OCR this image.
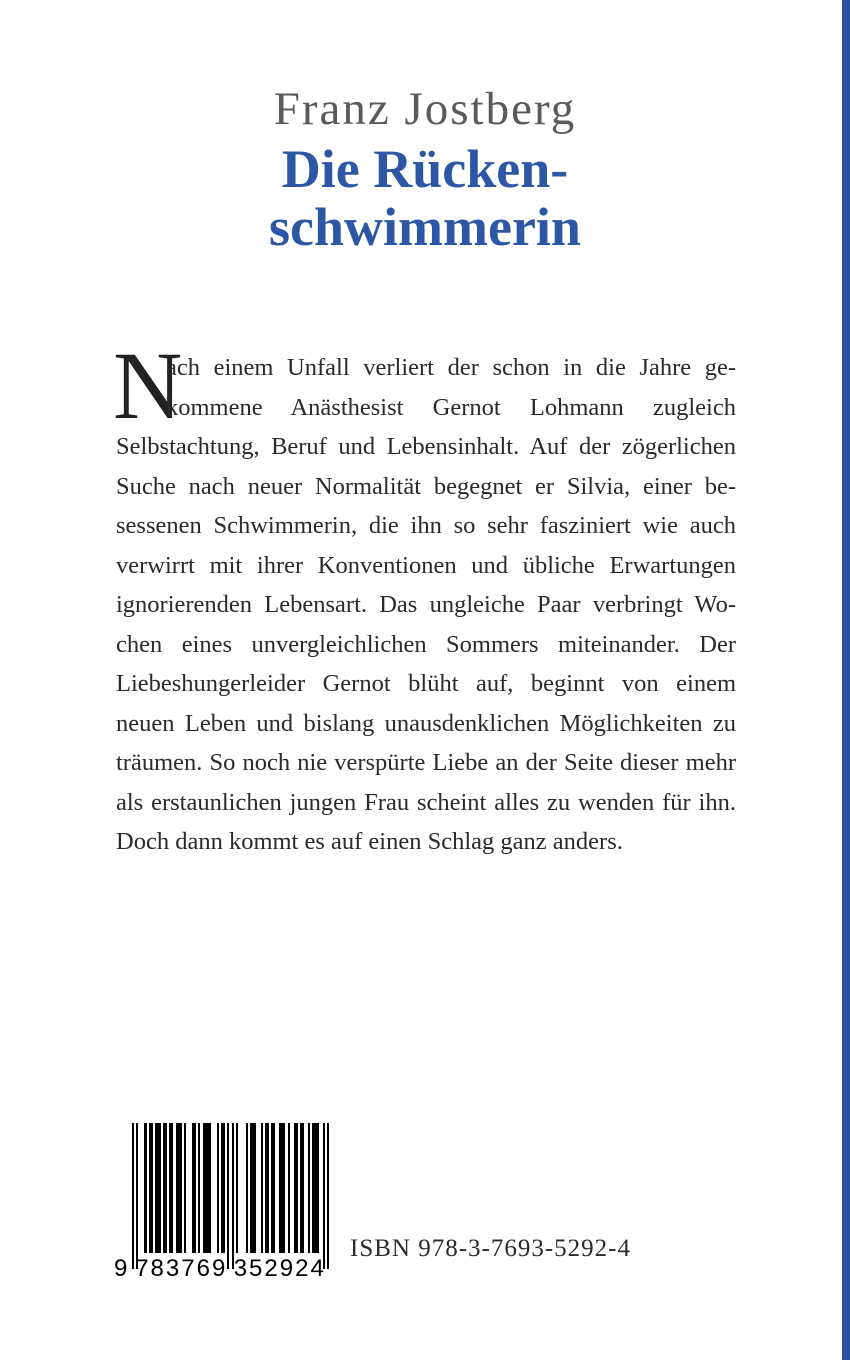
Franz Jostberg
Die Rücken-
schwimmerin
N
ach einem Unfall verliert der schon in die Jahre ge-
kommene Anästhesist Gernot Lohmann zugleich
Selbstachtung, Beruf und Lebensinhalt. Auf der zögerlichen
Suche nach neuer Normalität begegnet er Silvia, einer be-
sessenen Schwimmerin, die ihn so sehr fasziniert wie auch
verwirrt mit ihrer Konventionen und übliche Erwartungen
ignorierenden Lebensart. Das ungleiche Paar verbringt Wo-
chen eines unvergleichlichen Sommers miteinander. Der
Liebeshungerleider Gernot blüht auf, beginnt von einem
neuen Leben und bislang unausdenklichen Möglichkeiten zu
träumen. So noch nie verspürte Liebe an der Seite dieser mehr
als erstaunlichen jungen Frau scheint alles zu wenden für ihn.
Doch dann kommt es auf einen Schlag ganz anders.
9 783769 352924
ISBN 978-3-7693-5292-4
